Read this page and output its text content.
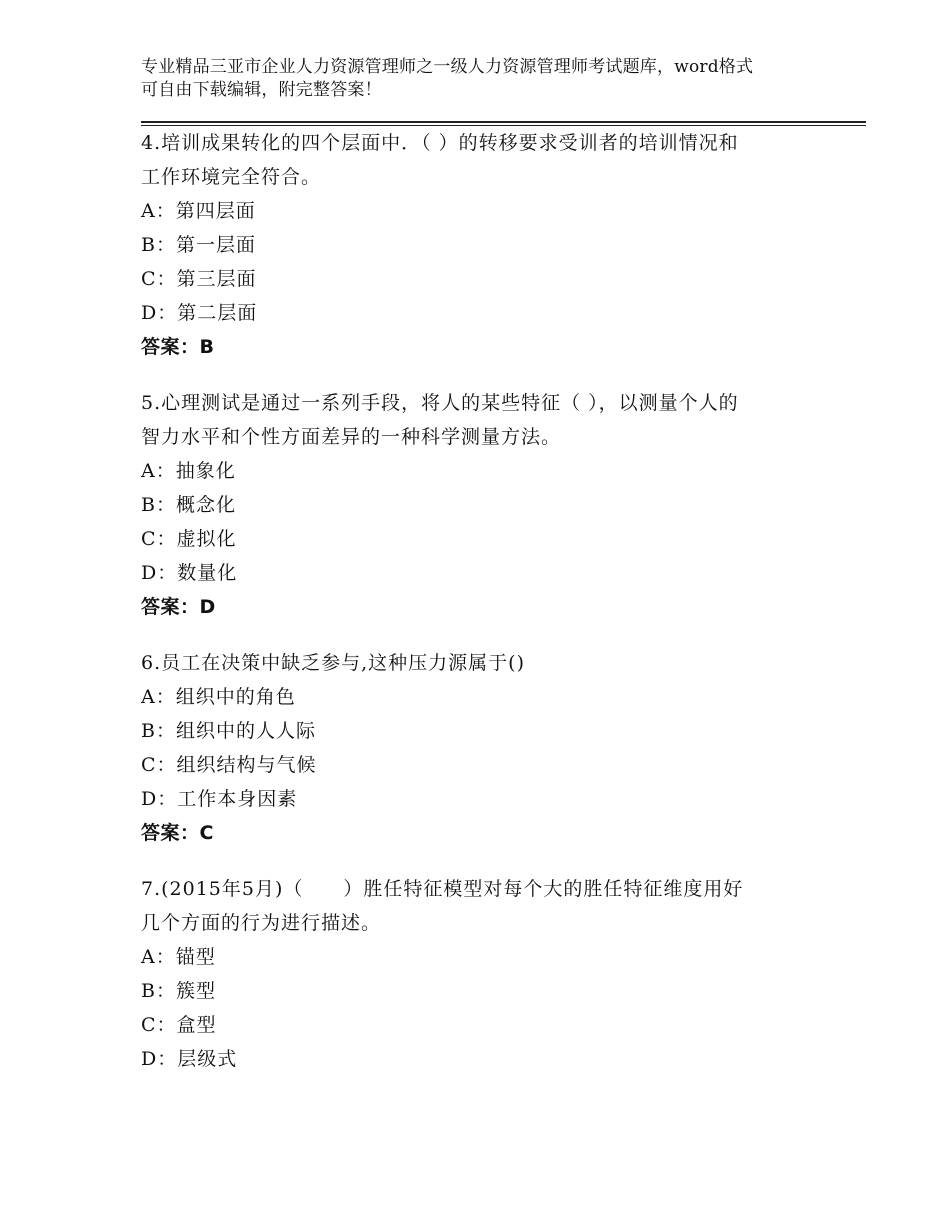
专业精品三亚市企业人力资源管理师之一级人力资源管理师考试题库，word格式
可自由下载编辑，附完整答案！
4.培训成果转化的四个层面中．（ ）的转移要求受训者的培训情况和
工作环境完全符合。
A：第四层面
B：第一层面
C：第三层面
D：第二层面
答案：B
5.心理测试是通过一系列手段，将人的某些特征（ ），以测量个人的
智力水平和个性方面差异的一种科学测量方法。
A：抽象化
B：概念化
C：虚拟化
D：数量化
答案：D
6.员工在决策中缺乏参与,这种压力源属于()
A：组织中的角色
B：组织中的人人际
C：组织结构与气候
D：工作本身因素
答案：C
7.(2015年5月)（　　）胜任特征模型对每个大的胜任特征维度用好
几个方面的行为进行描述。
A：锚型
B：簇型
C：盒型
D：层级式
